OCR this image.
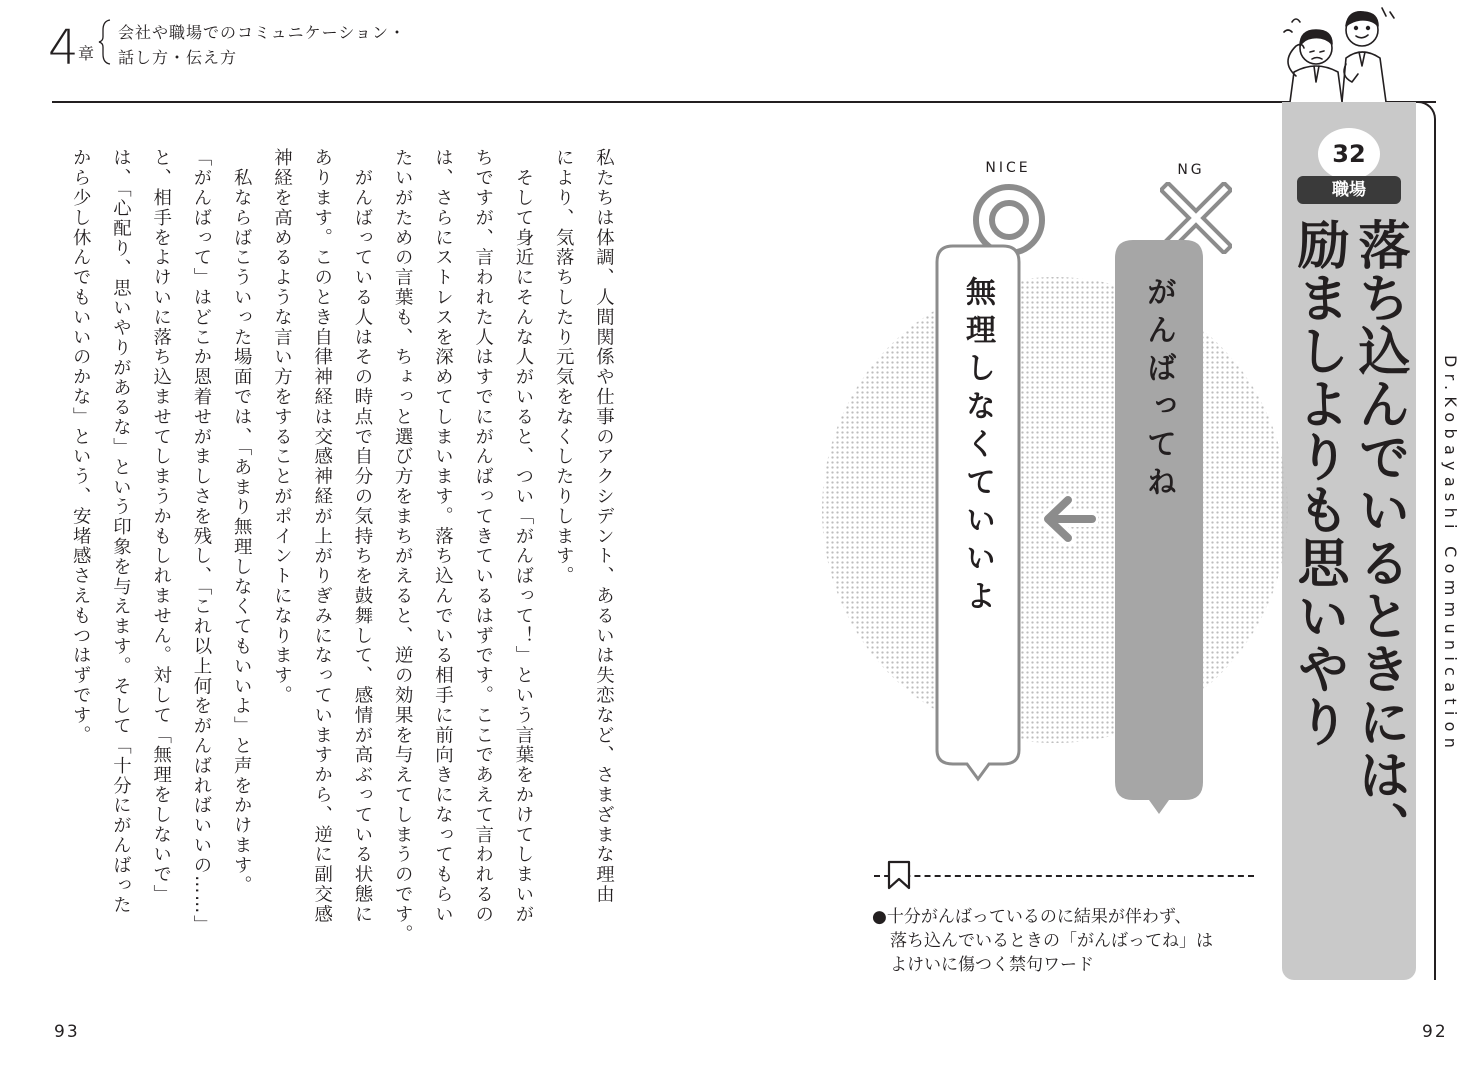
4 章
会社や職場でのコミュニケーション・
話し方・伝え方
32
職場
落ち込んでいるときには、
励ましよりも思いやり	Dr.Kobayashi Communication
NICE	NG
無理しなくていいよ	がんばってね
●十分がんばっているのに結果が伴わず、
落ち込んでいるときの「がんばってね」は
よけいに傷つく禁句ワード
私たちは体調、人間関係や仕事のアクシデント、あるいは失恋など、さまざまな理由
により、気落ちしたり元気をなくしたりします。
　そして身近にそんな人がいると、つい「がんばって！」という言葉をかけてしまいが
ちですが、言われた人はすでにがんばってきているはずです。ここであえて言われるの
は、さらにストレスを深めてしまいます。落ち込んでいる相手に前向きになってもらい
たいがための言葉も、ちょっと選び方をまちがえると、逆の効果を与えてしまうのです。
　がんばっている人はその時点で自分の気持ちを鼓舞して、感情が高ぶっている状態に
あります。このとき自律神経は交感神経が上がりぎみになっていますから、逆に副交感
神経を高めるような言い方をすることがポイントになります。
　私ならばこういった場面では、「あまり無理しなくてもいいよ」と声をかけます。
「がんばって」はどこか恩着せがましさを残し、「これ以上何をがんばればいいの……」
と、相手をよけいに落ち込ませてしまうかもしれません。対して「無理をしないで」
は、「心配り、思いやりがあるな」という印象を与えます。そして「十分にがんばった
から少し休んでもいいのかな」という、安堵感さえもつはずです。
93	92
